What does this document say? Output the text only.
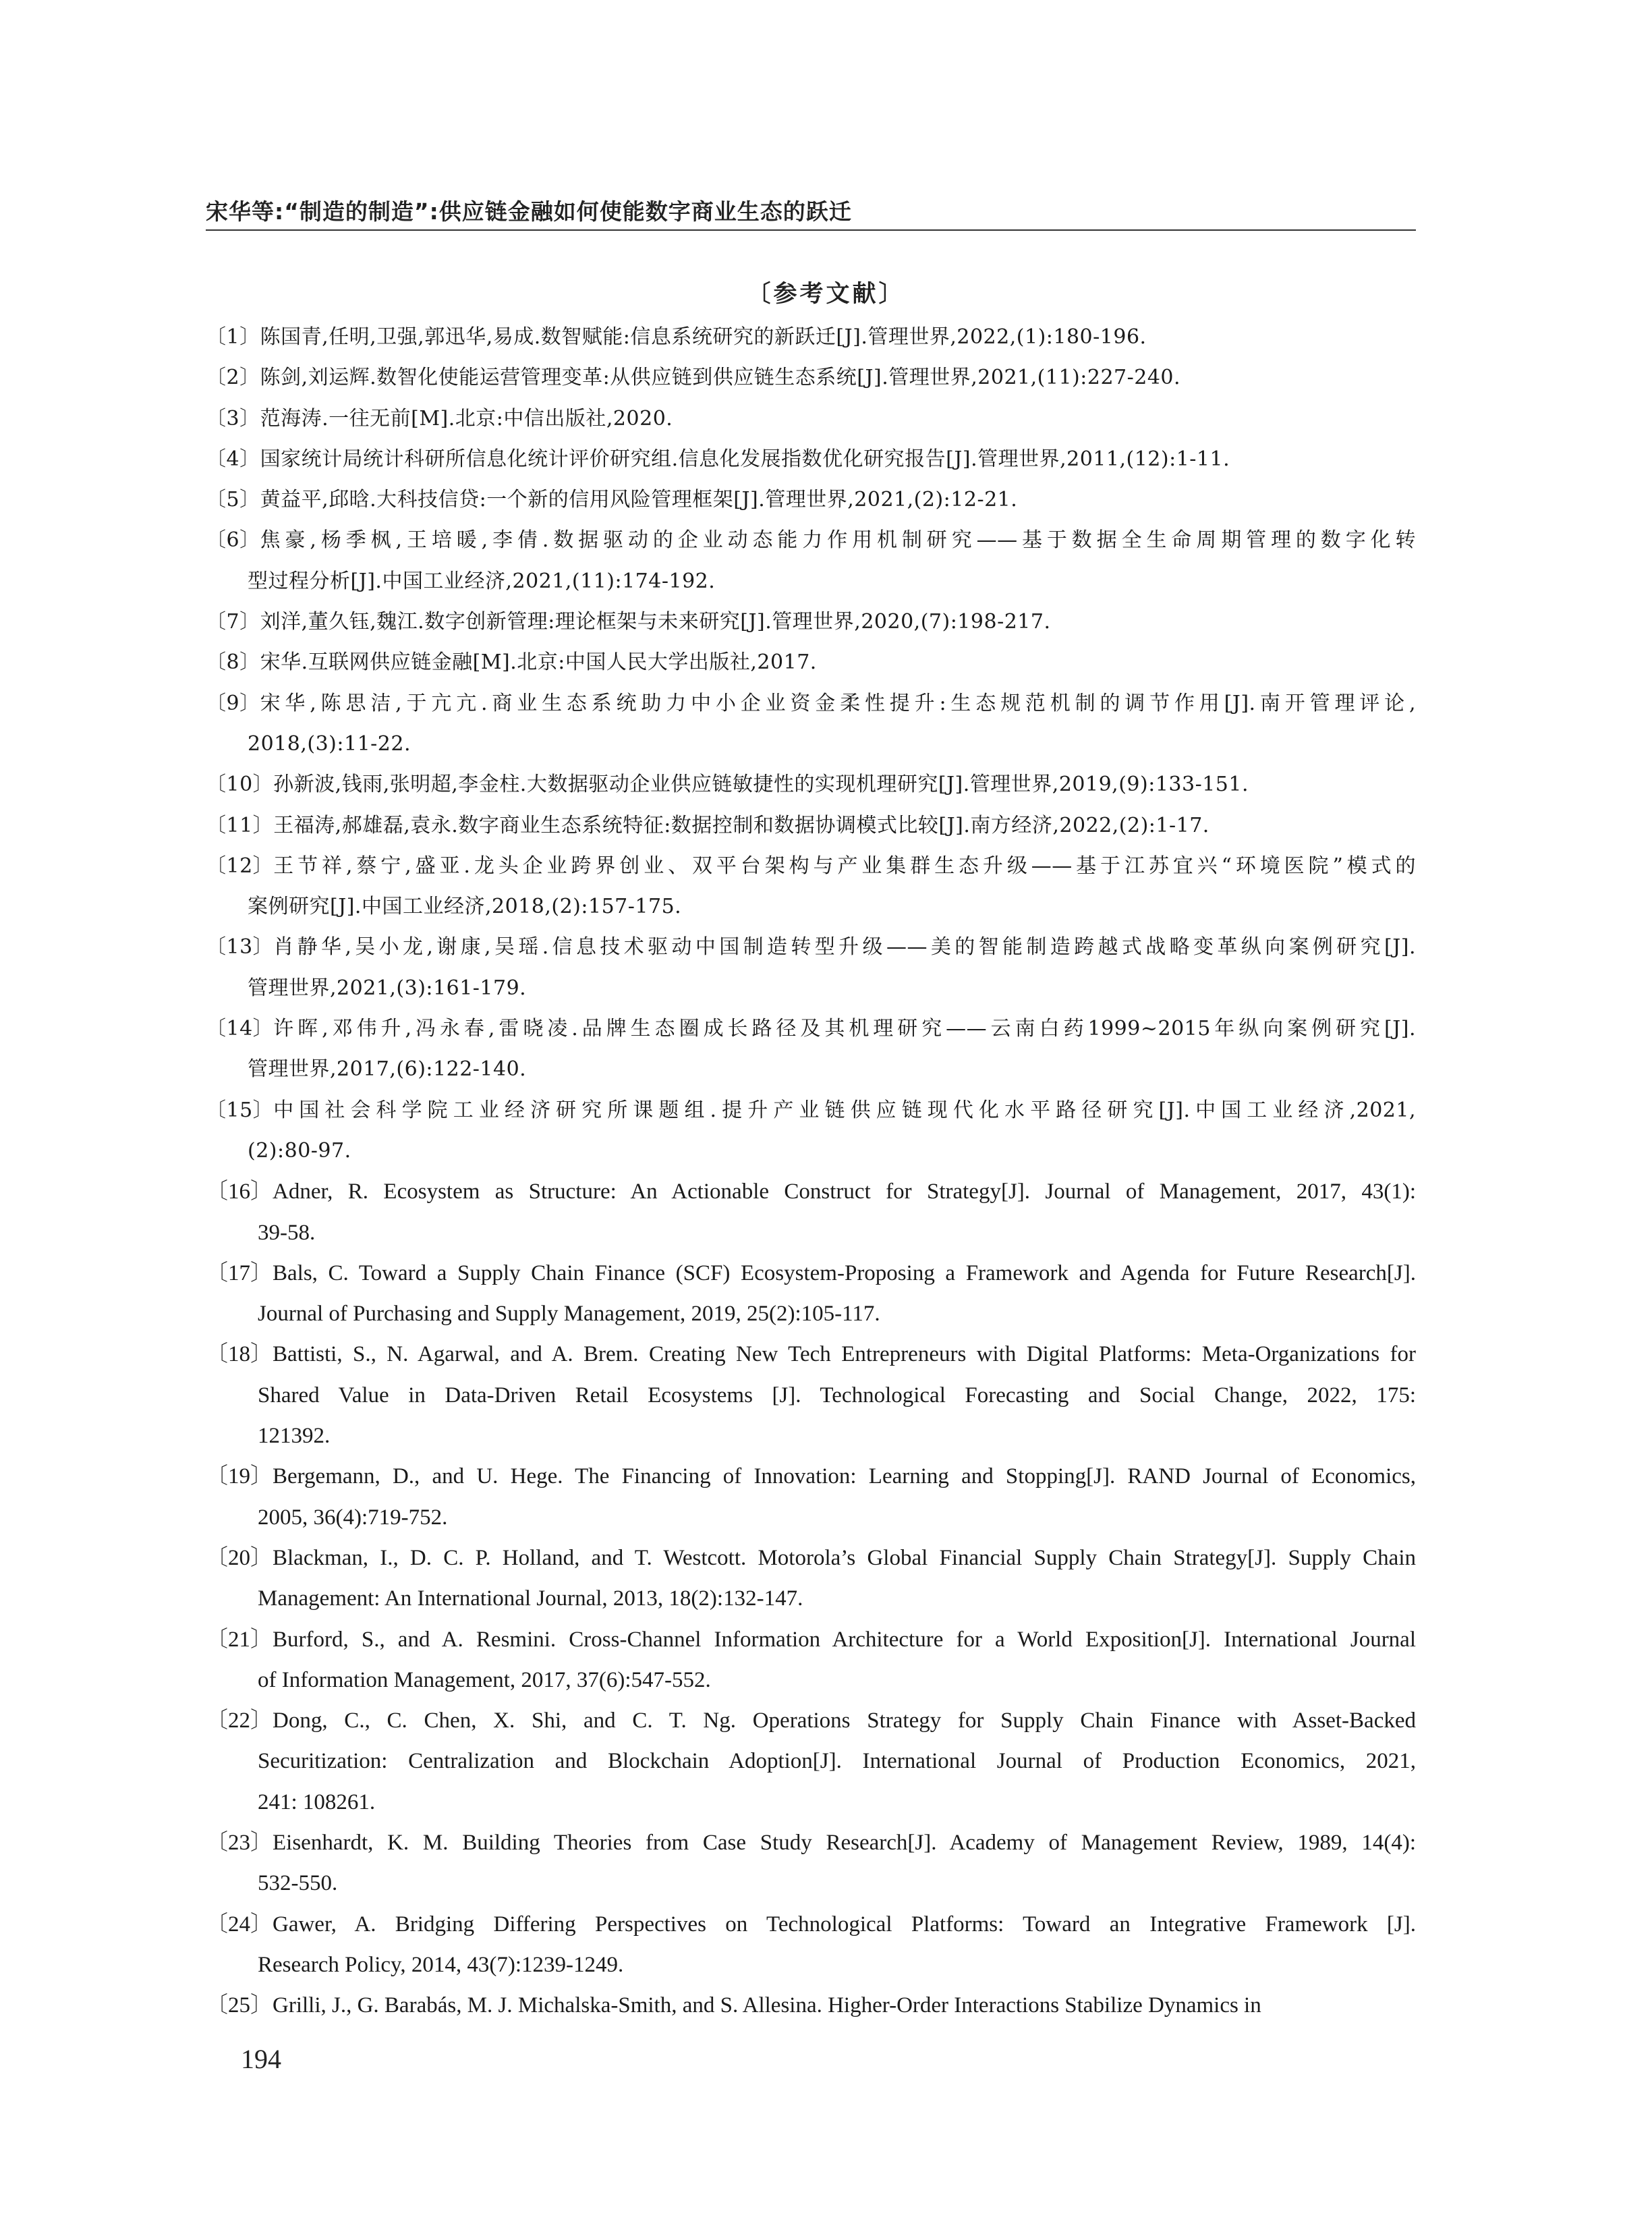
宋华等:“制造的制造”:供应链金融如何使能数字商业生态的跃迁
〔参考文献〕
〔1〕 陈国青,任明,卫强,郭迅华,易成.数智赋能:信息系统研究的新跃迁[J].管理世界,2022,(1):180-196.
〔2〕 陈剑,刘运辉.数智化使能运营管理变革:从供应链到供应链生态系统[J].管理世界,2021,(11):227-240.
〔3〕 范海涛.一往无前[M].北京:中信出版社,2020.
〔4〕 国家统计局统计科研所信息化统计评价研究组.信息化发展指数优化研究报告[J].管理世界,2011,(12):1-11.
〔5〕 黄益平,邱晗.大科技信贷:一个新的信用风险管理框架[J].管理世界,2021,(2):12-21.
〔6〕 焦豪,杨季枫,王培暖,李倩.数据驱动的企业动态能力作用机制研究——基于数据全生命周期管理的数字化转
型过程分析[J].中国工业经济,2021,(11):174-192.
〔7〕 刘洋,董久钰,魏江.数字创新管理:理论框架与未来研究[J].管理世界,2020,(7):198-217.
〔8〕 宋华.互联网供应链金融[M].北京:中国人民大学出版社,2017.
〔9〕 宋华,陈思洁,于亢亢.商业生态系统助力中小企业资金柔性提升:生态规范机制的调节作用[J].南开管理评论,
2018,(3):11-22.
〔10〕 孙新波,钱雨,张明超,李金柱.大数据驱动企业供应链敏捷性的实现机理研究[J].管理世界,2019,(9):133-151.
〔11〕 王福涛,郝雄磊,袁永.数字商业生态系统特征:数据控制和数据协调模式比较[J].南方经济,2022,(2):1-17.
〔12〕 王节祥,蔡宁,盛亚.龙头企业跨界创业、双平台架构与产业集群生态升级——基于江苏宜兴“环境医院”模式的
案例研究[J].中国工业经济,2018,(2):157-175.
〔13〕 肖静华,吴小龙,谢康,吴瑶.信息技术驱动中国制造转型升级——美的智能制造跨越式战略变革纵向案例研究[J].
管理世界,2021,(3):161-179.
〔14〕 许晖,邓伟升,冯永春,雷晓凌.品牌生态圈成长路径及其机理研究——云南白药1999~2015年纵向案例研究[J].
管理世界,2017,(6):122-140.
〔15〕 中国社会科学院工业经济研究所课题组.提升产业链供应链现代化水平路径研究[J].中国工业经济,2021,
(2):80-97.
〔16〕 Adner, R. Ecosystem as Structure: An Actionable Construct for Strategy[J]. Journal of Management, 2017, 43(1):
39-58.
〔17〕 Bals, C. Toward a Supply Chain Finance (SCF) Ecosystem-Proposing a Framework and Agenda for Future Research[J].
Journal of Purchasing and Supply Management, 2019, 25(2):105-117.
〔18〕 Battisti, S., N. Agarwal, and A. Brem. Creating New Tech Entrepreneurs with Digital Platforms: Meta-Organizations for
Shared Value in Data-Driven Retail Ecosystems [J]. Technological Forecasting and Social Change, 2022, 175:
121392.
〔19〕 Bergemann, D., and U. Hege. The Financing of Innovation: Learning and Stopping[J]. RAND Journal of Economics,
2005, 36(4):719-752.
〔20〕 Blackman, I., D. C. P. Holland, and T. Westcott. Motorola’s Global Financial Supply Chain Strategy[J]. Supply Chain
Management: An International Journal, 2013, 18(2):132-147.
〔21〕 Burford, S., and A. Resmini. Cross-Channel Information Architecture for a World Exposition[J]. International Journal
of Information Management, 2017, 37(6):547-552.
〔22〕 Dong, C., C. Chen, X. Shi, and C. T. Ng. Operations Strategy for Supply Chain Finance with Asset-Backed
Securitization: Centralization and Blockchain Adoption[J]. International Journal of Production Economics, 2021,
241: 108261.
〔23〕 Eisenhardt, K. M. Building Theories from Case Study Research[J]. Academy of Management Review, 1989, 14(4):
532-550.
〔24〕 Gawer, A. Bridging Differing Perspectives on Technological Platforms: Toward an Integrative Framework [J].
Research Policy, 2014, 43(7):1239-1249.
〔25〕 Grilli, J., G. Barabás, M. J. Michalska-Smith, and S. Allesina. Higher-Order Interactions Stabilize Dynamics in
194
